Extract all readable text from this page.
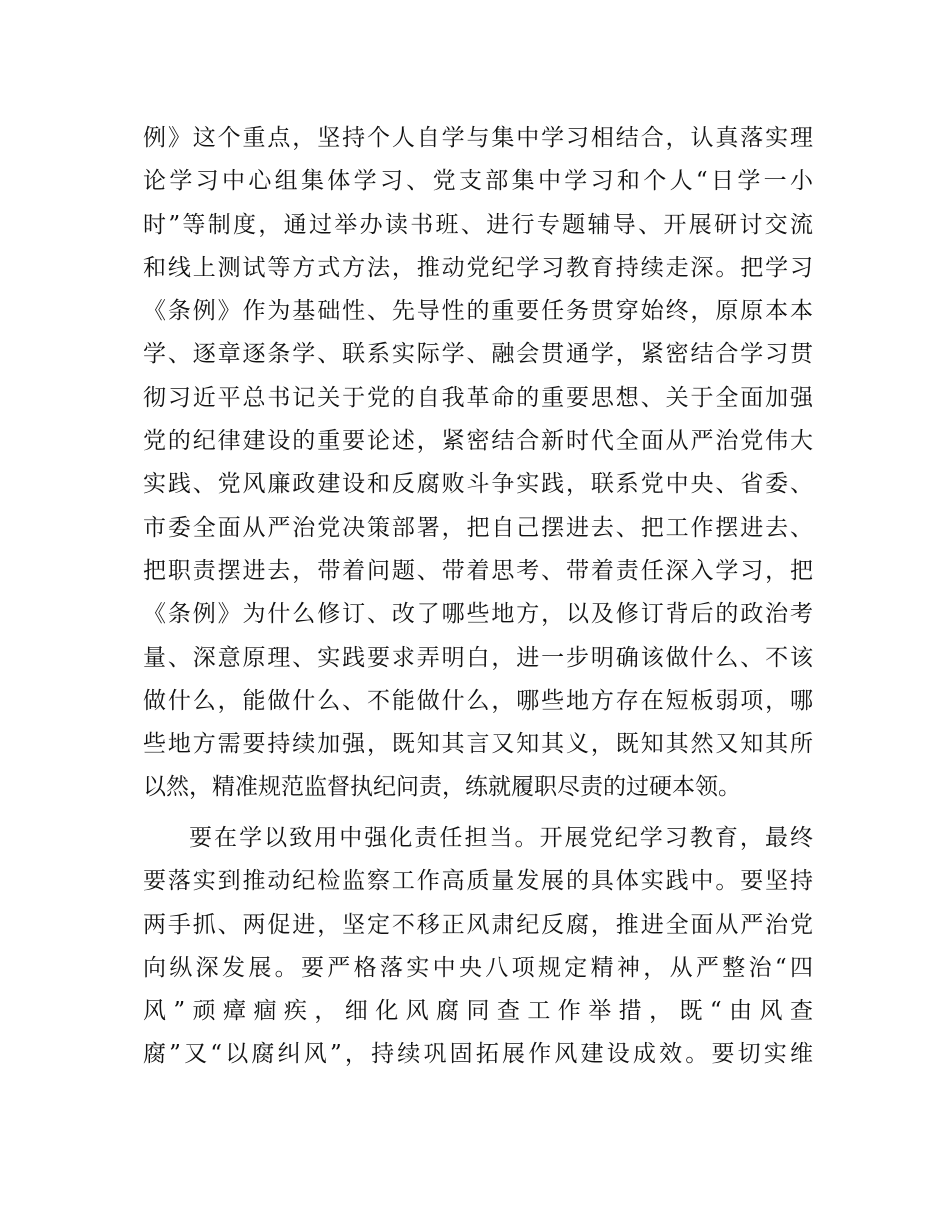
例》这个重点，坚持个人自学与集中学习相结合，认真落实理
论学习中心组集体学习、党支部集中学习和个人“日学一小
时”等制度，通过举办读书班、进行专题辅导、开展研讨交流
和线上测试等方式方法，推动党纪学习教育持续走深。把学习
《条例》作为基础性、先导性的重要任务贯穿始终，原原本本
学、逐章逐条学、联系实际学、融会贯通学，紧密结合学习贯
彻习近平总书记关于党的自我革命的重要思想、关于全面加强
党的纪律建设的重要论述，紧密结合新时代全面从严治党伟大
实践、党风廉政建设和反腐败斗争实践，联系党中央、省委、
市委全面从严治党决策部署，把自己摆进去、把工作摆进去、
把职责摆进去，带着问题、带着思考、带着责任深入学习，把
《条例》为什么修订、改了哪些地方，以及修订背后的政治考
量、深意原理、实践要求弄明白，进一步明确该做什么、不该
做什么，能做什么、不能做什么，哪些地方存在短板弱项，哪
些地方需要持续加强，既知其言又知其义，既知其然又知其所
以然，精准规范监督执纪问责，练就履职尽责的过硬本领。
要在学以致用中强化责任担当。开展党纪学习教育，最终
要落实到推动纪检监察工作高质量发展的具体实践中。要坚持
两手抓、两促进，坚定不移正风肃纪反腐，推进全面从严治党
向纵深发展。要严格落实中央八项规定精神，从严整治“四
风”顽瘴痼疾，细化风腐同查工作举措，既“由风查
腐”又“以腐纠风”，持续巩固拓展作风建设成效。要切实维
